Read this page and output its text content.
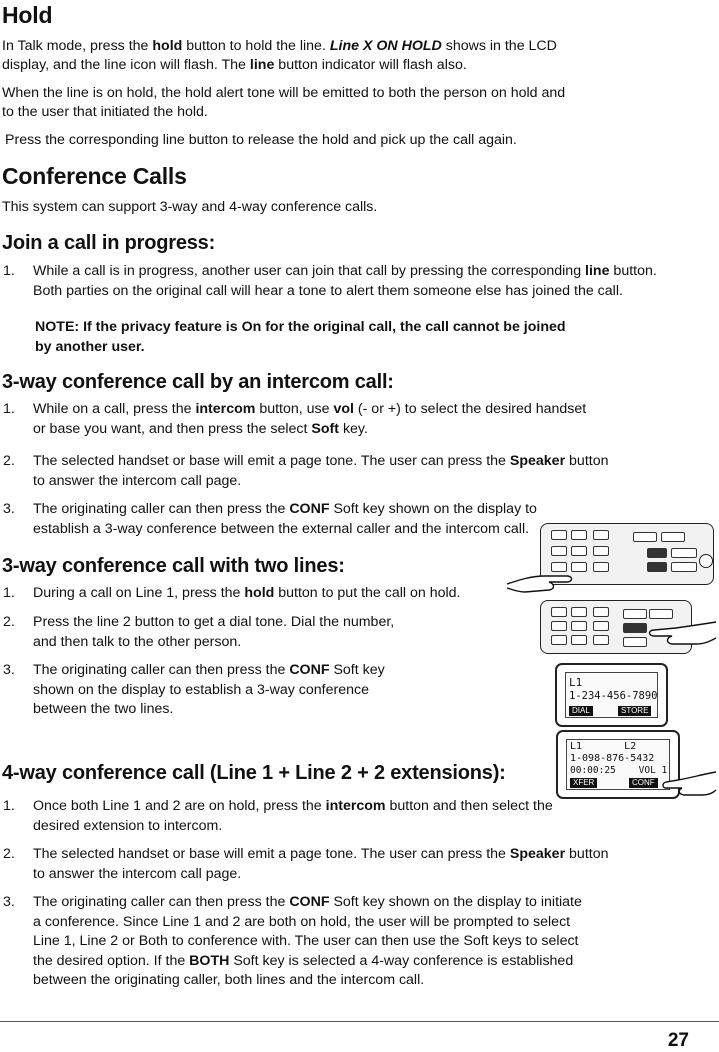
Hold

In Talk mode, press the hold button to hold the line. Line X ON HOLD shows in the LCD
display, and the line icon will flash. The line button indicator will flash also.

When the line is on hold, the hold alert tone will be emitted to both the person on hold and
to the user that initiated the hold.

Press the corresponding line button to release the hold and pick up the call again.

Conference Calls

This system can support 3-way and 4-way conference calls.

Join a call in progress:
1. While a call is in progress, another user can join that call by pressing the corresponding line button.
Both parties on the original call will hear a tone to alert them someone else has joined the call.
NOTE: If the privacy feature is On for the original call, the call cannot be joined
by another user.
3-way conference call by an intercom call:
1. While on a call, press the intercom button, use vol (- or +) to select the desired handset
or base you want, and then press the select Soft key.
2. The selected handset or base will emit a page tone. The user can press the Speaker button
to answer the intercom call page.
3. The originating caller can then press the CONF Soft key shown on the display to
establish a 3-way conference between the external caller and the intercom call.
3-way conference call with two lines:
1. During a call on Line 1, press the hold button to put the call on hold.
2. Press the line 2 button to get a dial tone. Dial the number,
and then talk to the other person.
3. The originating caller can then press the CONF Soft key
shown on the display to establish a 3-way conference
between the two lines.
4-way conference call (Line 1 + Line 2 + 2 extensions):
1. Once both Line 1 and 2 are on hold, press the intercom button and then select the
desired extension to intercom.
2. The selected handset or base will emit a page tone. The user can press the Speaker button
to answer the intercom call page.
3. The originating caller can then press the CONF Soft key shown on the display to initiate
a conference. Since Line 1 and 2 are both on hold, the user will be prompted to select
Line 1, Line 2 or Both to conference with. The user can then use the Soft keys to select
the desired option. If the BOTH Soft key is selected a 4-way conference is established
between the originating caller, both lines and the intercom call.
L1
1-234-456-7890
DIAL	STORE
L1       L2
1-098-876-5432
00:00:25    VOL 1
XFER	CONF
27
